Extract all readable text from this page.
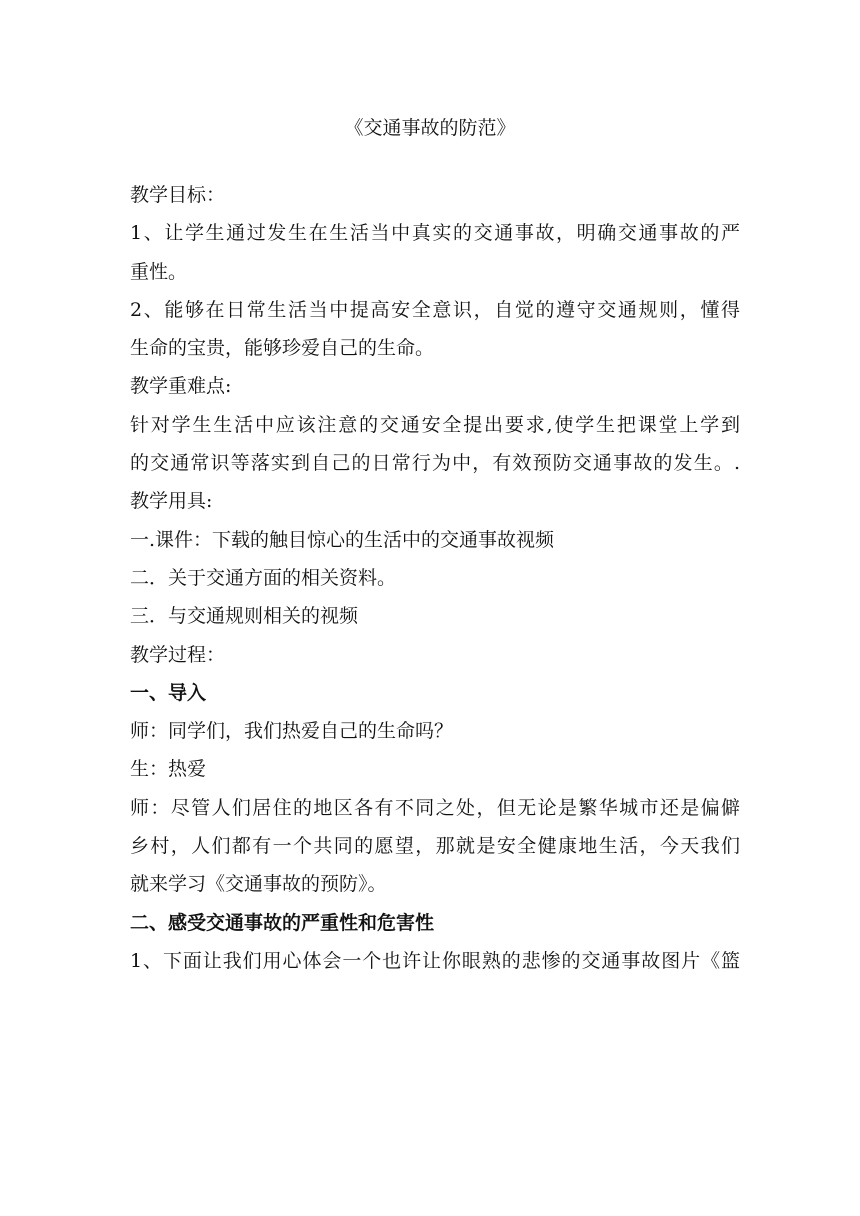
《交通事故的防范》
教学目标：
1、让学生通过发生在生活当中真实的交通事故，明确交通事故的严
重性。
2、能够在日常生活当中提高安全意识，自觉的遵守交通规则，懂得
生命的宝贵，能够珍爱自己的生命。
教学重难点:
针对学生生活中应该注意的交通安全提出要求,使学生把课堂上学到
的交通常识等落实到自己的日常行为中，有效预防交通事故的发生。.
教学用具:
一.课件：下载的触目惊心的生活中的交通事故视频
二．关于交通方面的相关资料。
三．与交通规则相关的视频
教学过程：
一、导入
师：同学们，我们热爱自己的生命吗？
生：热爱
师：尽管人们居住的地区各有不同之处，但无论是繁华城市还是偏僻
乡村，人们都有一个共同的愿望，那就是安全健康地生活，今天我们
就来学习《交通事故的预防》。
二、感受交通事故的严重性和危害性
1、下面让我们用心体会一个也许让你眼熟的悲惨的交通事故图片《篮
